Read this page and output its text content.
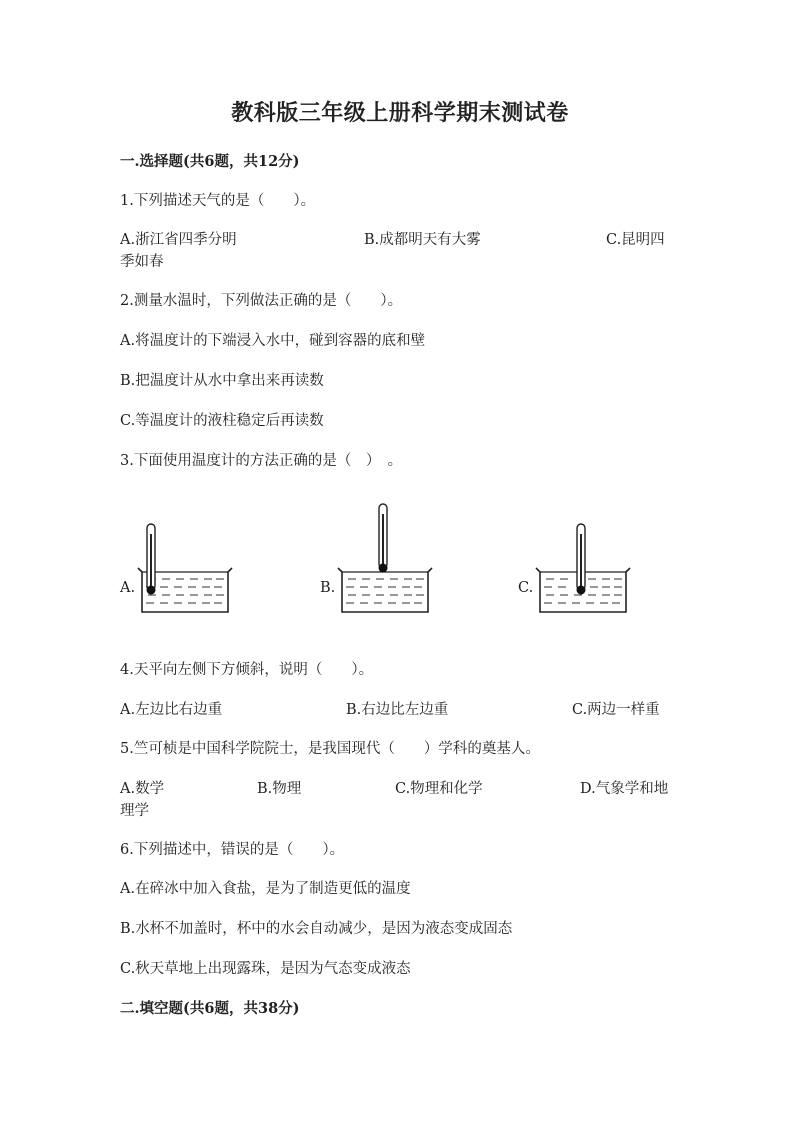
教科版三年级上册科学期末测试卷
一.选择题(共6题，共12分)
1.下列描述天气的是（　　）。
A.浙江省四季分明	B.成都明天有大雾	C.昆明四
季如春
2.测量水温时，下列做法正确的是（　　）。
A.将温度计的下端浸入水中，碰到容器的底和壁
B.把温度计从水中拿出来再读数
C.等温度计的液柱稳定后再读数
3.下面使用温度计的方法正确的是（　）　。
A.	B.	C.
4.天平向左侧下方倾斜，说明（　　）。
A.左边比右边重	B.右边比左边重	C.两边一样重
5.竺可桢是中国科学院院士，是我国现代（　　）学科的奠基人。
A.数学	B.物理	C.物理和化学	D.气象学和地
理学
6.下列描述中，错误的是（　　）。
A.在碎冰中加入食盐，是为了制造更低的温度
B.水杯不加盖时，杯中的水会自动减少，是因为液态变成固态
C.秋天草地上出现露珠，是因为气态变成液态
二.填空题(共6题，共38分)
